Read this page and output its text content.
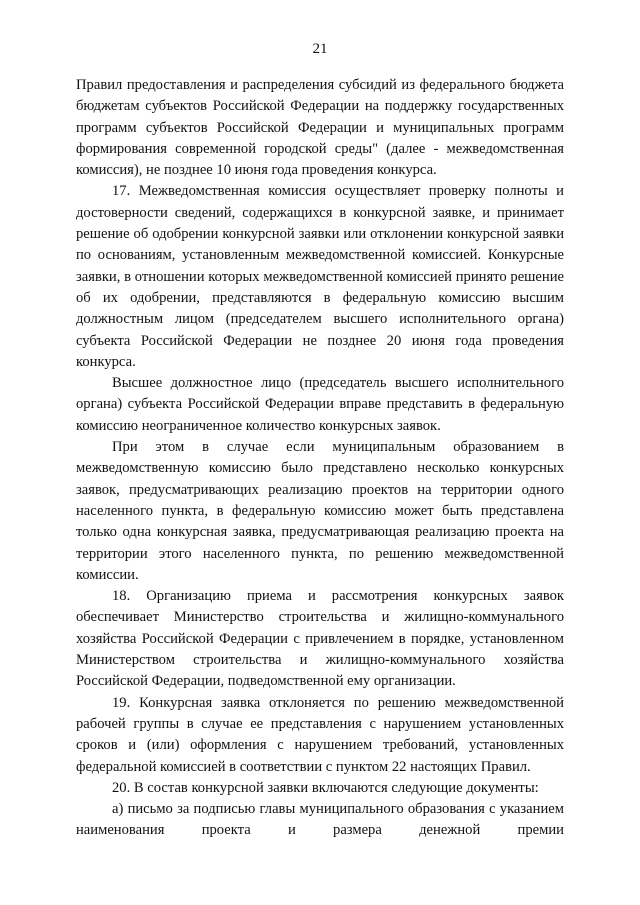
21

Правил предоставления и распределения субсидий из федерального бюджета бюджетам субъектов Российской Федерации на поддержку государственных программ субъектов Российской Федерации и муниципальных программ формирования современной городской среды" (далее - межведомственная комиссия), не позднее 10 июня года проведения конкурса.

17. Межведомственная комиссия осуществляет проверку полноты и достоверности сведений, содержащихся в конкурсной заявке, и принимает решение об одобрении конкурсной заявки или отклонении конкурсной заявки по основаниям, установленным межведомственной комиссией. Конкурсные заявки, в отношении которых межведомственной комиссией принято решение об их одобрении, представляются в федеральную комиссию высшим должностным лицом (председателем высшего исполнительного органа) субъекта Российской Федерации не позднее 20 июня года проведения конкурса.

Высшее должностное лицо (председатель высшего исполнительного органа) субъекта Российской Федерации вправе представить в федеральную комиссию неограниченное количество конкурсных заявок.

При этом в случае если муниципальным образованием в межведомственную комиссию было представлено несколько конкурсных заявок, предусматривающих реализацию проектов на территории одного населенного пункта, в федеральную комиссию может быть представлена только одна конкурсная заявка, предусматривающая реализацию проекта на территории этого населенного пункта, по решению межведомственной комиссии.

18. Организацию приема и рассмотрения конкурсных заявок обеспечивает Министерство строительства и жилищно-коммунального хозяйства Российской Федерации с привлечением в порядке, установленном Министерством строительства и жилищно-коммунального хозяйства Российской Федерации, подведомственной ему организации.

19. Конкурсная заявка отклоняется по решению межведомственной рабочей группы в случае ее представления с нарушением установленных сроков и (или) оформления с нарушением требований, установленных федеральной комиссией в соответствии с пунктом 22 настоящих Правил.

20. В состав конкурсной заявки включаются следующие документы:

а) письмо за подписью главы муниципального образования с указанием наименования проекта и размера денежной премии
